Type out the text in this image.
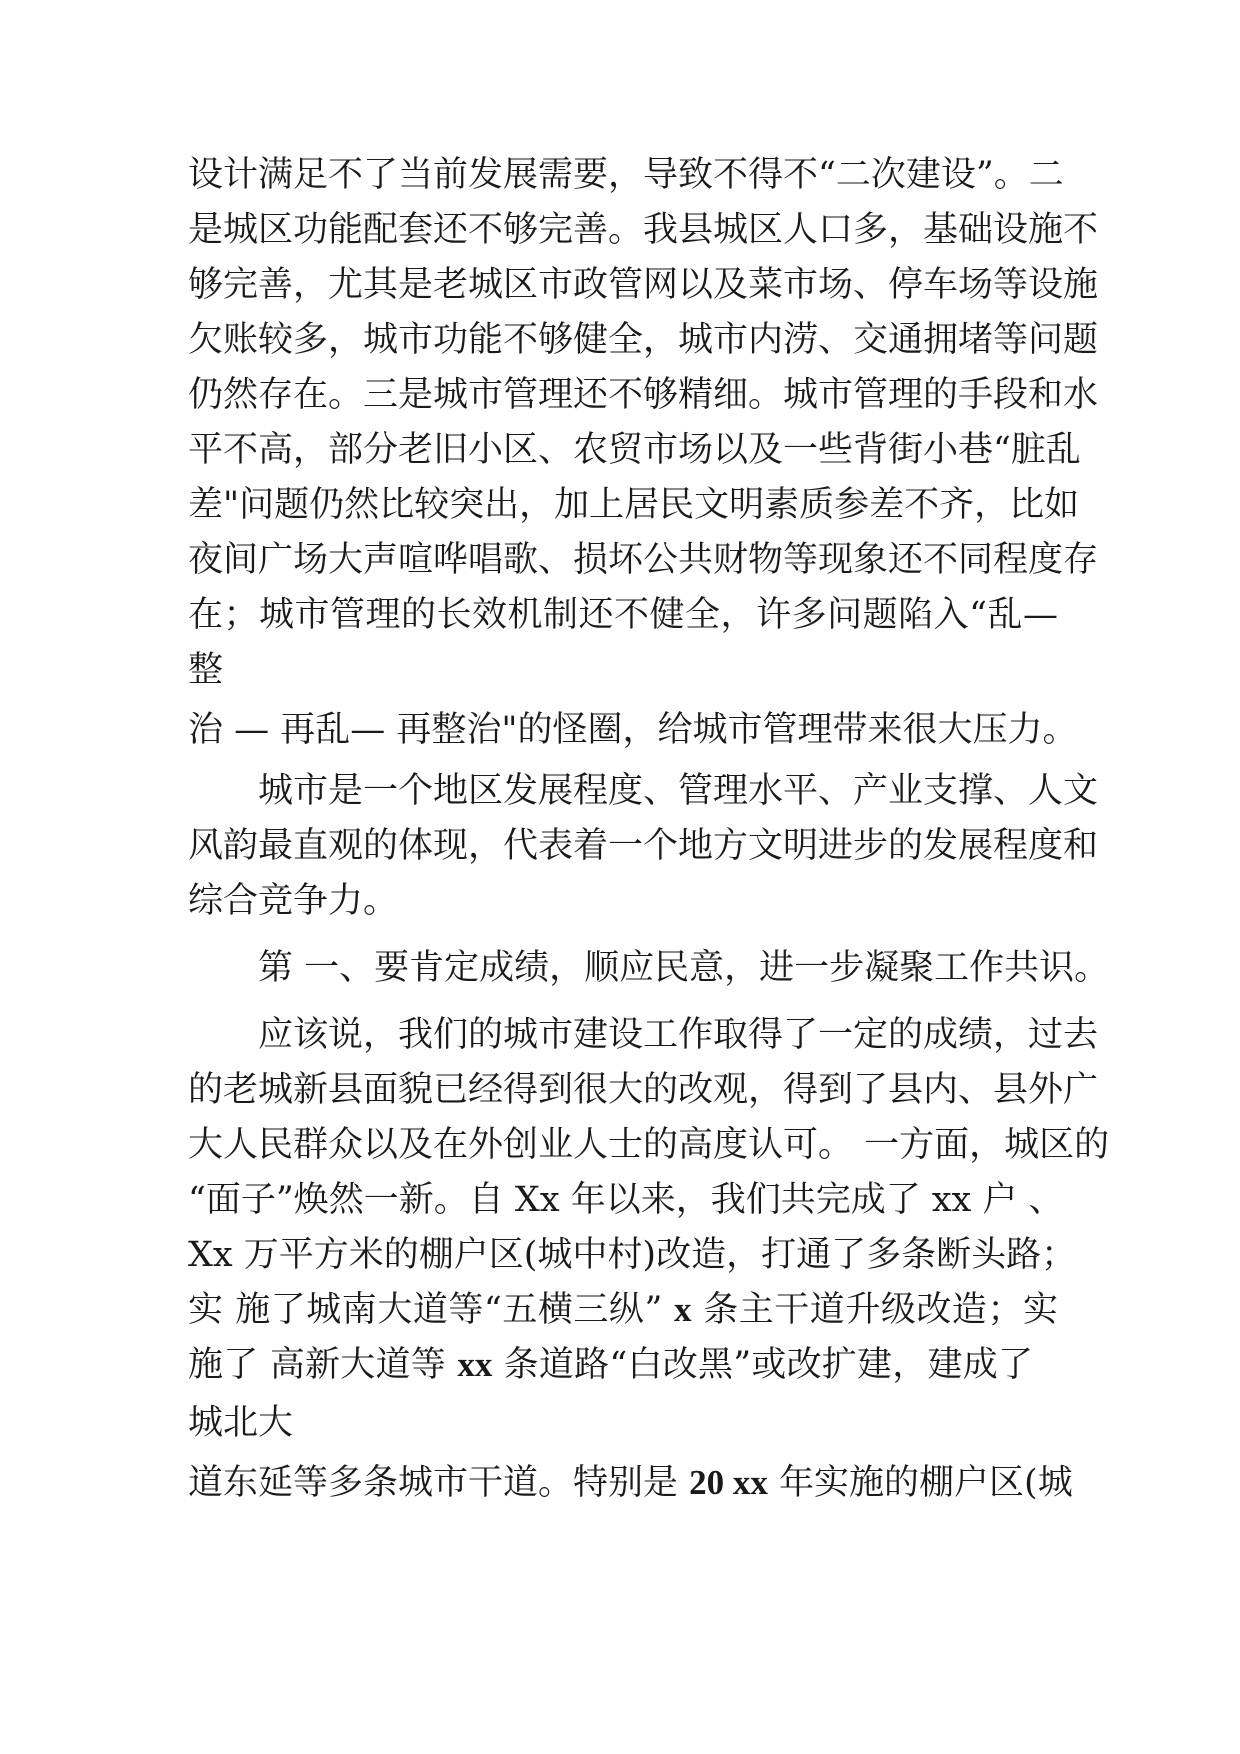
设计满足不了当前发展需要，导致不得不“二次建设”。二
是城区功能配套还不够完善。我县城区人口多，基础设施不
够完善，尤其是老城区市政管网以及菜市场、停车场等设施
欠账较多，城市功能不够健全，城市内涝、交通拥堵等问题
仍然存在。三是城市管理还不够精细。城市管理的手段和水
平不高，部分老旧小区、农贸市场以及一些背街小巷“脏乱
差"问题仍然比较突出，加上居民文明素质参差不齐，比如
夜间广场大声喧哗唱歌、损坏公共财物等现象还不同程度存
在；城市管理的长效机制还不健全，许多问题陷入“乱—
整
治 — 再乱— 再整治"的怪圈，给城市管理带来很大压力。
城市是一个地区发展程度、管理水平、产业支撑、人文
风韵最直观的体现，代表着一个地方文明进步的发展程度和
综合竞争力。
第 一、要肯定成绩，顺应民意，进一步凝聚工作共识。
应该说，我们的城市建设工作取得了一定的成绩，过去
的老城新县面貌已经得到很大的改观，得到了县内、县外广
大人民群众以及在外创业人士的高度认可。 一方面，城区的
“面子”焕然一新。自 Xx 年以来，我们共完成了 xx 户 、
Xx 万平方米的棚户区(城中村)改造，打通了多条断头路；
实 施了城南大道等“五横三纵” x 条主干道升级改造；实
施了 高新大道等 xx 条道路“白改黑”或改扩建，建成了
城北大
道东延等多条城市干道。特别是 20 xx 年实施的棚户区(城
